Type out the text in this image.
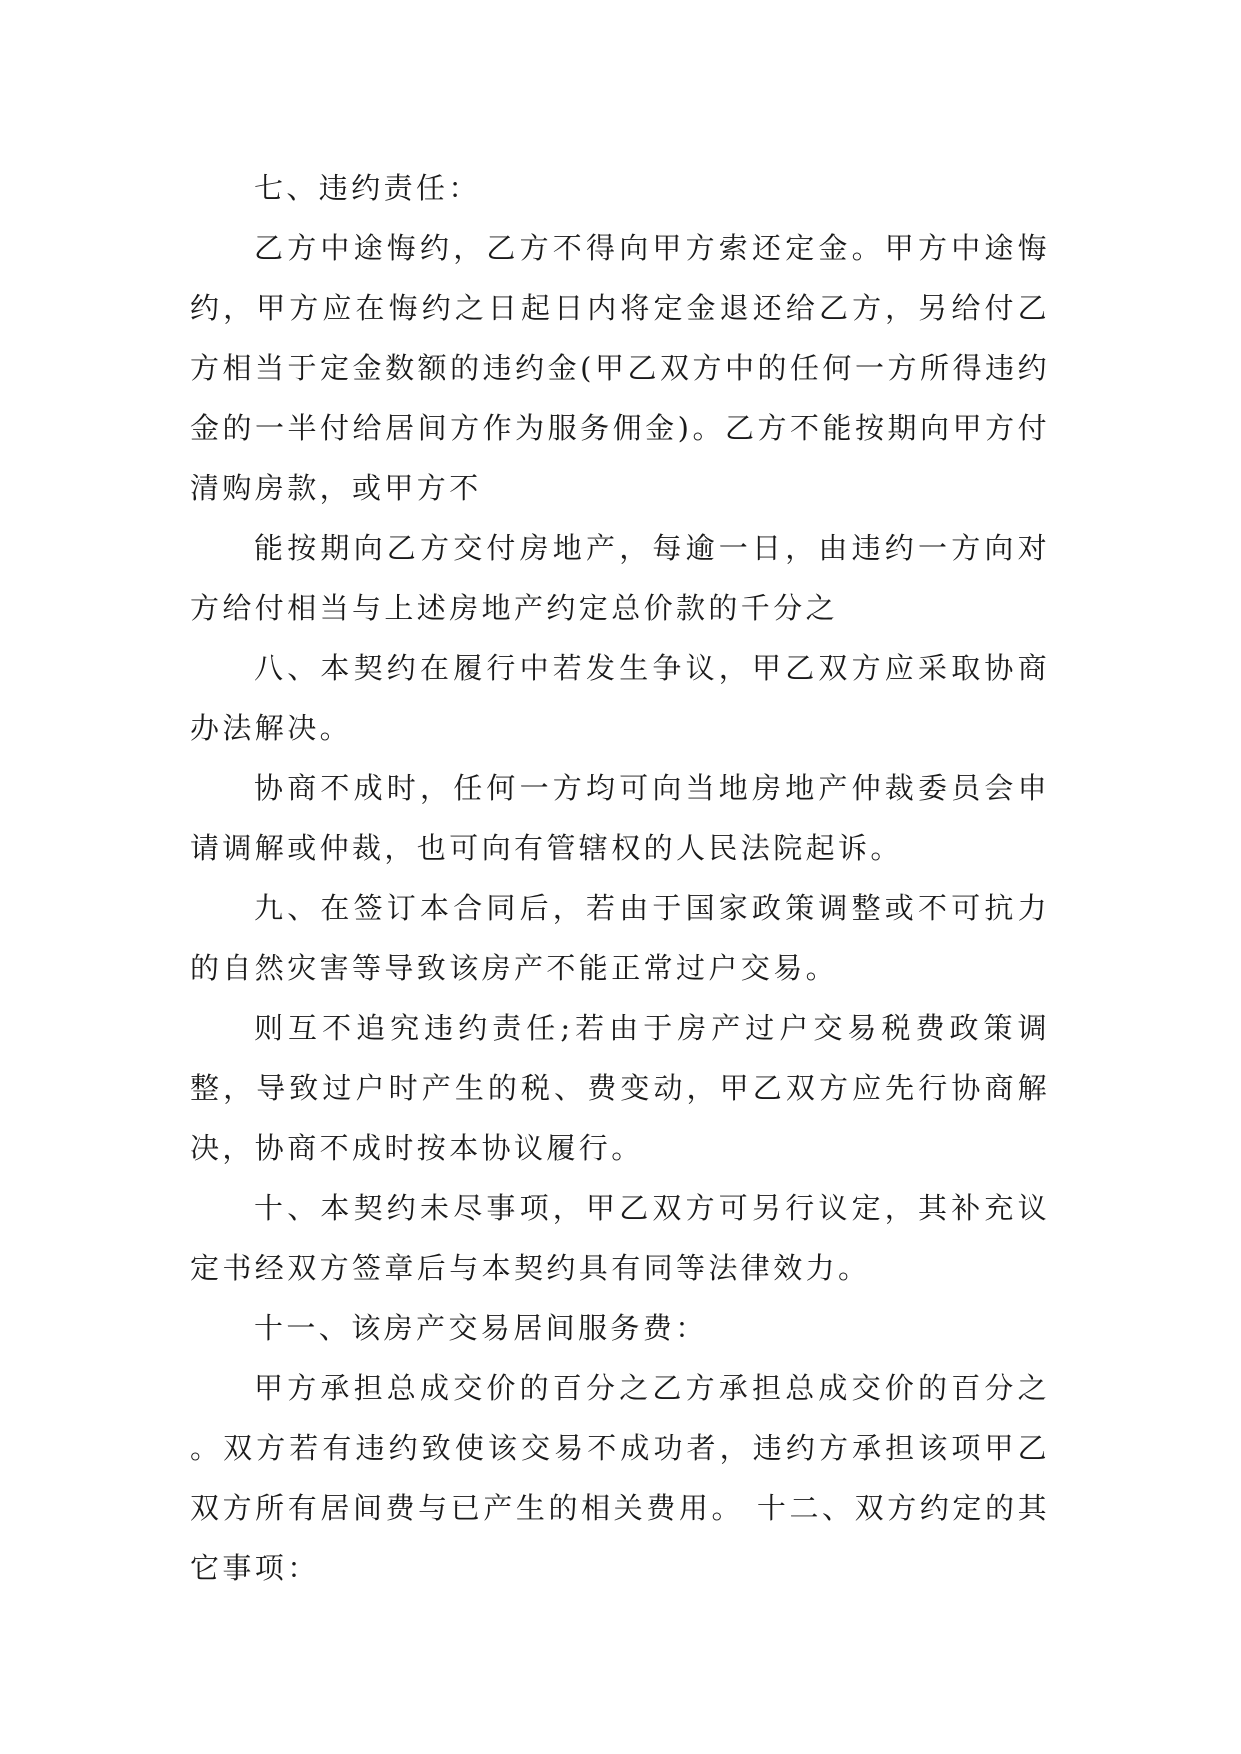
七、违约责任：

乙方中途悔约，乙方不得向甲方索还定金。甲方中途悔约，甲方应在悔约之日起日内将定金退还给乙方，另给付乙方相当于定金数额的违约金(甲乙双方中的任何一方所得违约金的一半付给居间方作为服务佣金)。乙方不能按期向甲方付清购房款，或甲方不

能按期向乙方交付房地产，每逾一日，由违约一方向对方给付相当与上述房地产约定总价款的千分之

八、本契约在履行中若发生争议，甲乙双方应采取协商办法解决。

协商不成时，任何一方均可向当地房地产仲裁委员会申请调解或仲裁，也可向有管辖权的人民法院起诉。

九、在签订本合同后，若由于国家政策调整或不可抗力的自然灾害等导致该房产不能正常过户交易。

则互不追究违约责任;若由于房产过户交易税费政策调整，导致过户时产生的税、费变动，甲乙双方应先行协商解决，协商不成时按本协议履行。

十、本契约未尽事项，甲乙双方可另行议定，其补充议定书经双方签章后与本契约具有同等法律效力。

十一、该房产交易居间服务费：

甲方承担总成交价的百分之乙方承担总成交价的百分之 。双方若有违约致使该交易不成功者，违约方承担该项甲乙双方所有居间费与已产生的相关费用。 十二、双方约定的其它事项：
